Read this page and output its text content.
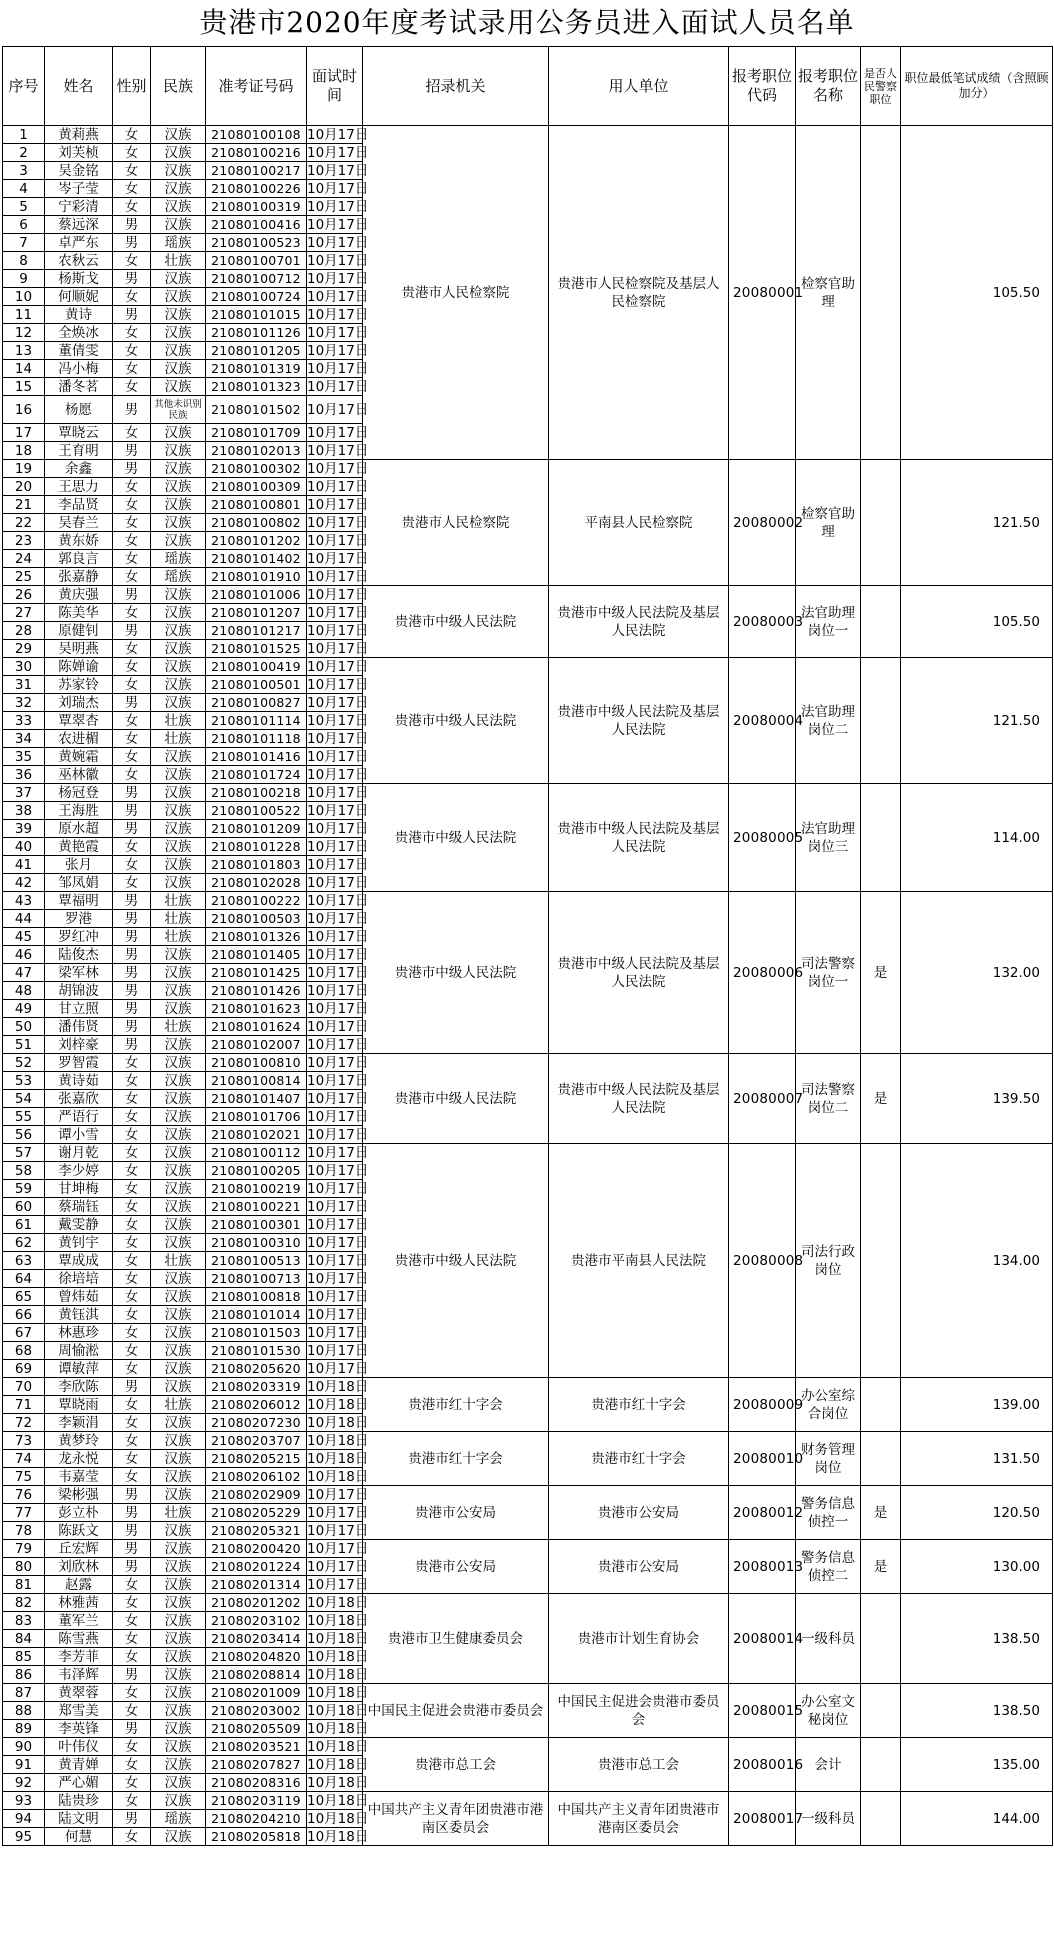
贵港市2020年度考试录用公务员进入面试人员名单
序号	姓名	性别	民族	准考证号码	面试时间	招录机关	用人单位	报考职位代码	报考职位名称	是否人民警察职位	职位最低笔试成绩（含照顾加分）
1	黄莉燕	女	汉族	21080100108	10月17日	贵港市人民检察院	贵港市人民检察院及基层人民检察院	20080001	检察官助理		105.50
2	刘芙桢	女	汉族	21080100216	10月17日						
3	吴金铭	女	汉族	21080100217	10月17日						
4	岑子莹	女	汉族	21080100226	10月17日						
5	宁彩清	女	汉族	21080100319	10月17日						
6	蔡远深	男	汉族	21080100416	10月17日						
7	卓严东	男	瑶族	21080100523	10月17日						
8	农秋云	女	壮族	21080100701	10月17日						
9	杨斯戈	男	汉族	21080100712	10月17日						
10	何顺妮	女	汉族	21080100724	10月17日						
11	黄诗	男	汉族	21080101015	10月17日						
12	全焕冰	女	汉族	21080101126	10月17日						
13	董倩雯	女	汉族	21080101205	10月17日						
14	冯小梅	女	汉族	21080101319	10月17日						
15	潘冬茗	女	汉族	21080101323	10月17日						
16	杨愿	男	其他未识别民族	21080101502	10月17日						
17	覃晓云	女	汉族	21080101709	10月17日						
18	王育明	男	汉族	21080102013	10月17日						
19	余鑫	男	汉族	21080100302	10月17日	贵港市人民检察院	平南县人民检察院	20080002	检察官助理		121.50
20	王思力	女	汉族	21080100309	10月17日						
21	李品贤	女	汉族	21080100801	10月17日						
22	吴春兰	女	汉族	21080100802	10月17日						
23	黄东娇	女	汉族	21080101202	10月17日						
24	郭良言	女	瑶族	21080101402	10月17日						
25	张嘉静	女	瑶族	21080101910	10月17日						
26	黄庆强	男	汉族	21080101006	10月17日	贵港市中级人民法院	贵港市中级人民法院及基层人民法院	20080003	法官助理岗位一		105.50
27	陈美华	女	汉族	21080101207	10月17日						
28	原健钊	男	汉族	21080101217	10月17日						
29	吴明燕	女	汉族	21080101525	10月17日						
30	陈婵谕	女	汉族	21080100419	10月17日	贵港市中级人民法院	贵港市中级人民法院及基层人民法院	20080004	法官助理岗位二		121.50
31	苏家铃	女	汉族	21080100501	10月17日						
32	刘瑞杰	男	汉族	21080100827	10月17日						
33	覃翠杏	女	壮族	21080101114	10月17日						
34	农进楣	女	壮族	21080101118	10月17日						
35	黄婉霜	女	汉族	21080101416	10月17日						
36	巫林徽	女	汉族	21080101724	10月17日						
37	杨冠登	男	汉族	21080100218	10月17日	贵港市中级人民法院	贵港市中级人民法院及基层人民法院	20080005	法官助理岗位三		114.00
38	王海胜	男	汉族	21080100522	10月17日						
39	原水超	男	汉族	21080101209	10月17日						
40	黄艳霞	女	汉族	21080101228	10月17日						
41	张月	女	汉族	21080101803	10月17日						
42	邹凤娟	女	汉族	21080102028	10月17日						
43	覃福明	男	壮族	21080100222	10月17日	贵港市中级人民法院	贵港市中级人民法院及基层人民法院	20080006	司法警察岗位一	是	132.00
44	罗港	男	壮族	21080100503	10月17日						
45	罗红冲	男	壮族	21080101326	10月17日						
46	陆俊杰	男	汉族	21080101405	10月17日						
47	梁军林	男	汉族	21080101425	10月17日						
48	胡锦波	男	汉族	21080101426	10月17日						
49	甘立照	男	汉族	21080101623	10月17日						
50	潘伟贤	男	壮族	21080101624	10月17日						
51	刘梓豪	男	汉族	21080102007	10月17日						
52	罗智霞	女	汉族	21080100810	10月17日	贵港市中级人民法院	贵港市中级人民法院及基层人民法院	20080007	司法警察岗位二	是	139.50
53	黄诗茹	女	汉族	21080100814	10月17日						
54	张嘉欣	女	汉族	21080101407	10月17日						
55	严语行	女	汉族	21080101706	10月17日						
56	谭小雪	女	汉族	21080102021	10月17日						
57	谢月乾	女	汉族	21080100112	10月17日	贵港市中级人民法院	贵港市平南县人民法院	20080008	司法行政岗位		134.00
58	李少婷	女	汉族	21080100205	10月17日						
59	甘坤梅	女	汉族	21080100219	10月17日						
60	蔡瑞钰	女	汉族	21080100221	10月17日						
61	戴雯静	女	汉族	21080100301	10月17日						
62	黄钊宇	女	汉族	21080100310	10月17日						
63	覃成成	女	壮族	21080100513	10月17日						
64	徐培培	女	汉族	21080100713	10月17日						
65	曾炜茹	女	汉族	21080100818	10月17日						
66	黄钰淇	女	汉族	21080101014	10月17日						
67	林惠珍	女	汉族	21080101503	10月17日						
68	周愉淞	女	汉族	21080101530	10月17日						
69	谭敏萍	女	汉族	21080205620	10月17日						
70	李欣陈	男	汉族	21080203319	10月18日	贵港市红十字会	贵港市红十字会	20080009	办公室综合岗位		139.00
71	覃晓雨	女	壮族	21080206012	10月18日						
72	李颖涓	女	汉族	21080207230	10月18日						
73	黄梦玲	女	汉族	21080203707	10月18日	贵港市红十字会	贵港市红十字会	20080010	财务管理岗位		131.50
74	龙永悦	女	汉族	21080205215	10月18日						
75	韦嘉莹	女	汉族	21080206102	10月18日						
76	梁彬强	男	汉族	21080202909	10月17日	贵港市公安局	贵港市公安局	20080012	警务信息侦控一	是	120.50
77	彭立朴	男	壮族	21080205229	10月17日						
78	陈跃文	男	汉族	21080205321	10月17日						
79	丘宏辉	男	汉族	21080200420	10月17日	贵港市公安局	贵港市公安局	20080013	警务信息侦控二	是	130.00
80	刘欣林	男	汉族	21080201224	10月17日						
81	赵露	女	汉族	21080201314	10月17日						
82	林雅茜	女	汉族	21080201202	10月18日	贵港市卫生健康委员会	贵港市计划生育协会	20080014	一级科员		138.50
83	董军兰	女	汉族	21080203102	10月18日						
84	陈雪燕	女	汉族	21080203414	10月18日						
85	李芳菲	女	汉族	21080204820	10月18日						
86	韦泽辉	男	汉族	21080208814	10月18日						
87	黄翠蓉	女	汉族	21080201009	10月18日	中国民主促进会贵港市委员会	中国民主促进会贵港市委员会	20080015	办公室文秘岗位		138.50
88	郑雪美	女	汉族	21080203002	10月18日						
89	李英锋	男	汉族	21080205509	10月18日						
90	叶伟仪	女	汉族	21080203521	10月18日	贵港市总工会	贵港市总工会	20080016	会计		135.00
91	黄青婵	女	汉族	21080207827	10月18日						
92	严心媚	女	汉族	21080208316	10月18日						
93	陆贵珍	女	汉族	21080203119	10月18日	中国共产主义青年团贵港市港南区委员会	中国共产主义青年团贵港市港南区委员会	20080017	一级科员		144.00
94	陆文明	男	瑶族	21080204210	10月18日						
95	何慧	女	汉族	21080205818	10月18日						
